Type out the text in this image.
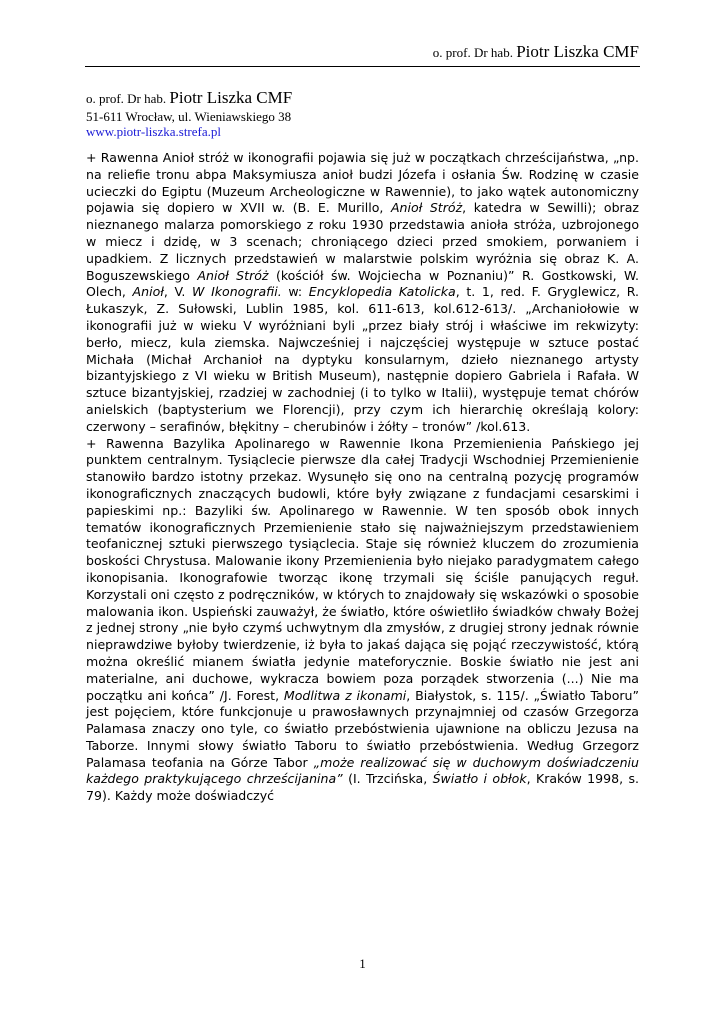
o. prof. Dr hab. Piotr Liszka CMF
o. prof. Dr hab. Piotr Liszka CMF
51-611 Wrocław, ul. Wieniawskiego 38
www.piotr-liszka.strefa.pl

+ Rawenna Anioł stróż w ikonografii pojawia się już w początkach chrześcijaństwa, „np. na reliefie tronu abpa Maksymiusza anioł budzi Józefa i osłania Św. Rodzinę w czasie ucieczki do Egiptu (Muzeum Archeologiczne w Rawennie), to jako wątek autonomiczny pojawia się dopiero w XVII w. (B. E. Murillo, Anioł Stróż, katedra w Sewilli); obraz nieznanego malarza pomorskiego z roku 1930 przedstawia anioła stróża, uzbrojonego w miecz i dzidę, w 3 scenach; chroniącego dzieci przed smokiem, porwaniem i upadkiem. Z licznych przedstawień w malarstwie polskim wyróżnia się obraz K. A. Boguszewskiego Anioł Stróż (kościół św. Wojciecha w Poznaniu)” R. Gostkowski, W. Olech, Anioł, V. W Ikonografii. w: Encyklopedia Katolicka, t. 1, red. F. Gryglewicz, R. Łukaszyk, Z. Sułowski, Lublin 1985, kol. 611-613, kol.612-613/. „Archaniołowie w ikonografii już w wieku V wyróżniani byli „przez biały strój i właściwe im rekwizyty: berło, miecz, kula ziemska. Najwcześniej i najczęściej występuje w sztuce postać Michała (Michał Archanioł na dyptyku konsularnym, dzieło nieznanego artysty bizantyjskiego z VI wieku w British Museum), następnie dopiero Gabriela i Rafała. W sztuce bizantyjskiej, rzadziej w zachodniej (i to tylko w Italii), występuje temat chórów anielskich (baptysterium we Florencji), przy czym ich hierarchię określają kolory: czerwony – serafinów, błękitny – cherubinów i żółty – tronów” /kol.613.

+ Rawenna Bazylika Apolinarego w Rawennie Ikona Przemienienia Pańskiego jej punktem centralnym. Tysiąclecie pierwsze dla całej Tradycji Wschodniej Przemienienie stanowiło bardzo istotny przekaz. Wysunęło się ono na centralną pozycję programów ikonograficznych znaczących budowli, które były związane z fundacjami cesarskimi i papieskimi np.: Bazyliki św. Apolinarego w Rawennie. W ten sposób obok innych tematów ikonograficznych Przemienienie stało się najważniejszym przedstawieniem teofanicznej sztuki pierwszego tysiąclecia. Staje się również kluczem do zrozumienia boskości Chrystusa. Malowanie ikony Przemienienia było niejako paradygmatem całego ikonopisania. Ikonografowie tworząc ikonę trzymali się ściśle panujących reguł. Korzystali oni często z podręczników, w których to znajdowały się wskazówki o sposobie malowania ikon. Uspieński zauważył, że światło, które oświetliło świadków chwały Bożej z jednej strony „nie było czymś uchwytnym dla zmysłów, z drugiej strony jednak równie nieprawdziwe byłoby twierdzenie, iż była to jakaś dająca się pojąć rzeczywistość, którą można określić mianem światła jedynie mateforycznie. Boskie światło nie jest ani materialne, ani duchowe, wykracza bowiem poza porządek stworzenia (...) Nie ma początku ani końca” /J. Forest, Modlitwa z ikonami, Białystok, s. 115/. „Światło Taboru” jest pojęciem, które funkcjonuje u prawosławnych przynajmniej od czasów Grzegorza Palamasa znaczy ono tyle, co światło przebóstwienia ujawnione na obliczu Jezusa na Taborze. Innymi słowy światło Taboru to światło przebóstwienia. Według Grzegorz Palamasa teofania na Górze Tabor „może realizować się w duchowym doświadczeniu każdego praktykującego chrześcijanina” (I. Trzcińska, Światło i obłok, Kraków 1998, s. 79). Każdy może doświadczyć

1
